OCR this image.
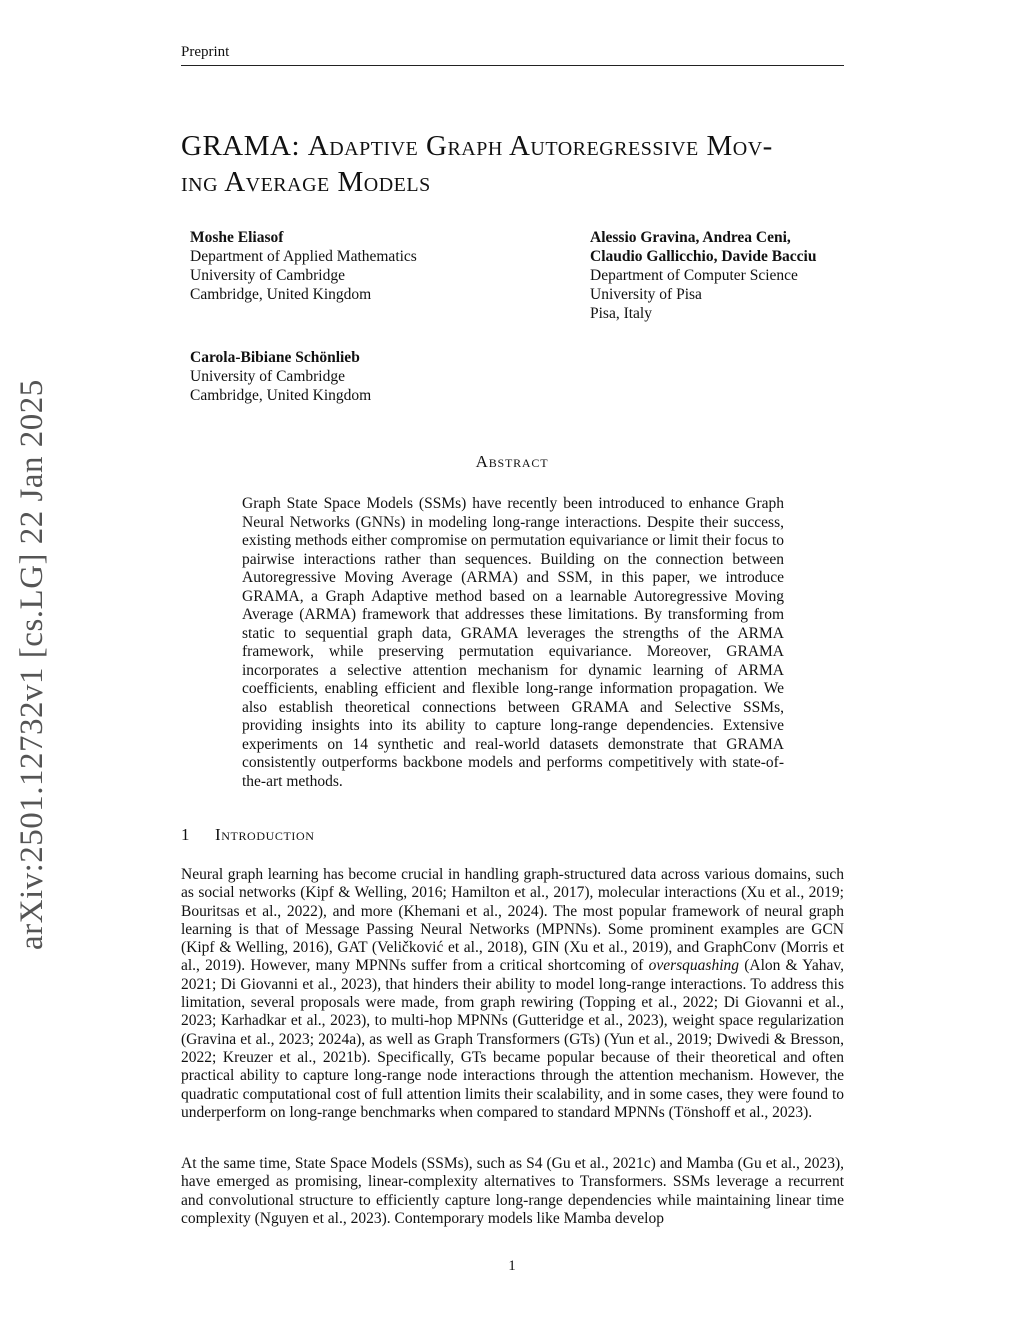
Preprint
GRAMA: Adaptive Graph Autoregressive Mov-
ing Average Models
Moshe Eliasof
Department of Applied Mathematics
University of Cambridge
Cambridge, United Kingdom
Alessio Gravina, Andrea Ceni,
Claudio Gallicchio, Davide Bacciu
Department of Computer Science
University of Pisa
Pisa, Italy
Carola-Bibiane Schönlieb
University of Cambridge
Cambridge, United Kingdom
Abstract
Graph State Space Models (SSMs) have recently been introduced to enhance Graph Neural Networks (GNNs) in modeling long-range interactions. Despite their success, existing methods either compromise on permutation equivariance or limit their focus to pairwise interactions rather than sequences. Building on the connection between Autoregressive Moving Average (ARMA) and SSM, in this paper, we introduce GRAMA, a Graph Adaptive method based on a learnable Autoregressive Moving Average (ARMA) framework that addresses these limitations. By transforming from static to sequential graph data, GRAMA leverages the strengths of the ARMA framework, while preserving permutation equivariance. Moreover, GRAMA incorporates a selective attention mechanism for dynamic learning of ARMA coefficients, enabling efficient and flexible long-range information propagation. We also establish theoretical connections between GRAMA and Selective SSMs, providing insights into its ability to capture long-range dependencies. Extensive experiments on 14 synthetic and real-world datasets demonstrate that GRAMA consistently outperforms backbone models and performs competitively with state-of-the-art methods.
1 Introduction
Neural graph learning has become crucial in handling graph-structured data across various domains, such as social networks (Kipf & Welling, 2016; Hamilton et al., 2017), molecular interactions (Xu et al., 2019; Bouritsas et al., 2022), and more (Khemani et al., 2024). The most popular framework of neural graph learning is that of Message Passing Neural Networks (MPNNs). Some prominent examples are GCN (Kipf & Welling, 2016), GAT (Veličković et al., 2018), GIN (Xu et al., 2019), and GraphConv (Morris et al., 2019). However, many MPNNs suffer from a critical shortcoming of oversquashing (Alon & Yahav, 2021; Di Giovanni et al., 2023), that hinders their ability to model long-range interactions. To address this limitation, several proposals were made, from graph rewiring (Topping et al., 2022; Di Giovanni et al., 2023; Karhadkar et al., 2023), to multi-hop MPNNs (Gutteridge et al., 2023), weight space regularization (Gravina et al., 2023; 2024a), as well as Graph Transformers (GTs) (Yun et al., 2019; Dwivedi & Bresson, 2022; Kreuzer et al., 2021b). Specifically, GTs became popular because of their theoretical and often practical ability to capture long-range node interactions through the attention mechanism. However, the quadratic computational cost of full attention limits their scalability, and in some cases, they were found to underperform on long-range benchmarks when compared to standard MPNNs (Tönshoff et al., 2023).
At the same time, State Space Models (SSMs), such as S4 (Gu et al., 2021c) and Mamba (Gu et al., 2023), have emerged as promising, linear-complexity alternatives to Transformers. SSMs leverage a recurrent and convolutional structure to efficiently capture long-range dependencies while maintaining linear time complexity (Nguyen et al., 2023). Contemporary models like Mamba develop
1
arXiv:2501.12732v1 [cs.LG] 22 Jan 2025
